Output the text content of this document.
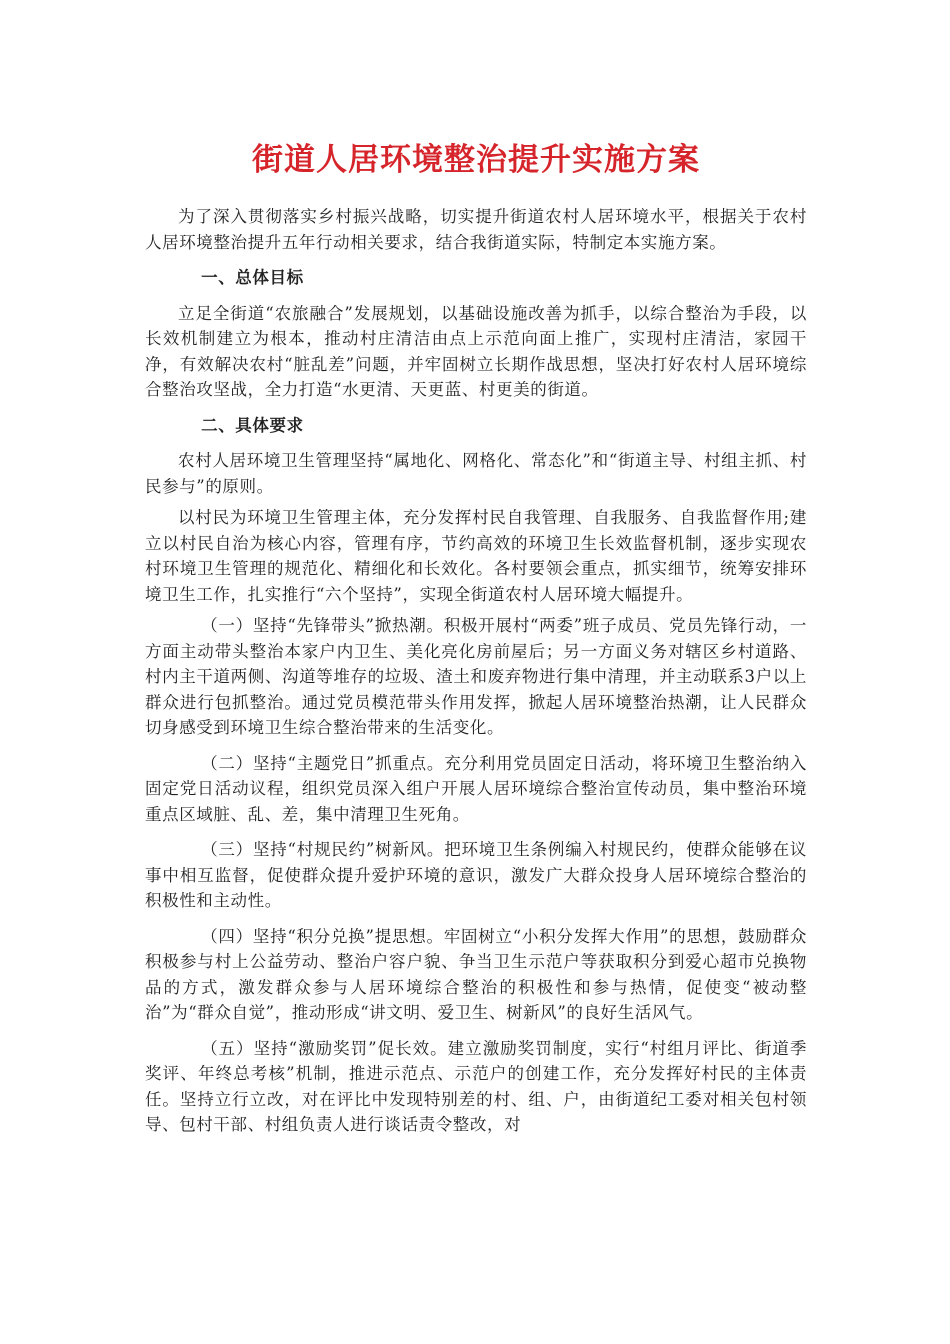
街道人居环境整治提升实施方案

为了深入贯彻落实乡村振兴战略，切实提升街道农村人居环境水平，根据关于农村人居环境整治提升五年行动相关要求，结合我街道实际，特制定本实施方案。

一、总体目标

立足全街道“农旅融合”发展规划，以基础设施改善为抓手，以综合整治为手段，以长效机制建立为根本，推动村庄清洁由点上示范向面上推广，实现村庄清洁，家园干净，有效解决农村“脏乱差”问题，并牢固树立长期作战思想，坚决打好农村人居环境综合整治攻坚战，全力打造“水更清、天更蓝、村更美的街道。

二、具体要求

农村人居环境卫生管理坚持“属地化、网格化、常态化”和“街道主导、村组主抓、村民参与”的原则。

以村民为环境卫生管理主体，充分发挥村民自我管理、自我服务、自我监督作用;建立以村民自治为核心内容，管理有序，节约高效的环境卫生长效监督机制，逐步实现农村环境卫生管理的规范化、精细化和长效化。各村要领会重点，抓实细节，统筹安排环境卫生工作，扎实推行“六个坚持”，实现全街道农村人居环境大幅提升。

（一）坚持“先锋带头”掀热潮。积极开展村“两委”班子成员、党员先锋行动，一方面主动带头整治本家户内卫生、美化亮化房前屋后；另一方面义务对辖区乡村道路、村内主干道两侧、沟道等堆存的垃圾、渣土和废弃物进行集中清理，并主动联系3户以上群众进行包抓整治。通过党员模范带头作用发挥，掀起人居环境整治热潮，让人民群众切身感受到环境卫生综合整治带来的生活变化。

（二）坚持“主题党日”抓重点。充分利用党员固定日活动，将环境卫生整治纳入固定党日活动议程，组织党员深入组户开展人居环境综合整治宣传动员，集中整治环境重点区域脏、乱、差，集中清理卫生死角。

（三）坚持“村规民约”树新风。把环境卫生条例编入村规民约，使群众能够在议事中相互监督，促使群众提升爱护环境的意识，激发广大群众投身人居环境综合整治的积极性和主动性。

（四）坚持“积分兑换”提思想。牢固树立“小积分发挥大作用”的思想，鼓励群众积极参与村上公益劳动、整治户容户貌、争当卫生示范户等获取积分到爱心超市兑换物品的方式，激发群众参与人居环境综合整治的积极性和参与热情，促使变“被动整治”为“群众自觉”，推动形成“讲文明、爱卫生、树新风”的良好生活风气。

（五）坚持“激励奖罚”促长效。建立激励奖罚制度，实行“村组月评比、街道季奖评、年终总考核”机制，推进示范点、示范户的创建工作，充分发挥好村民的主体责任。坚持立行立改，对在评比中发现特别差的村、组、户，由街道纪工委对相关包村领导、包村干部、村组负责人进行谈话责令整改，对
